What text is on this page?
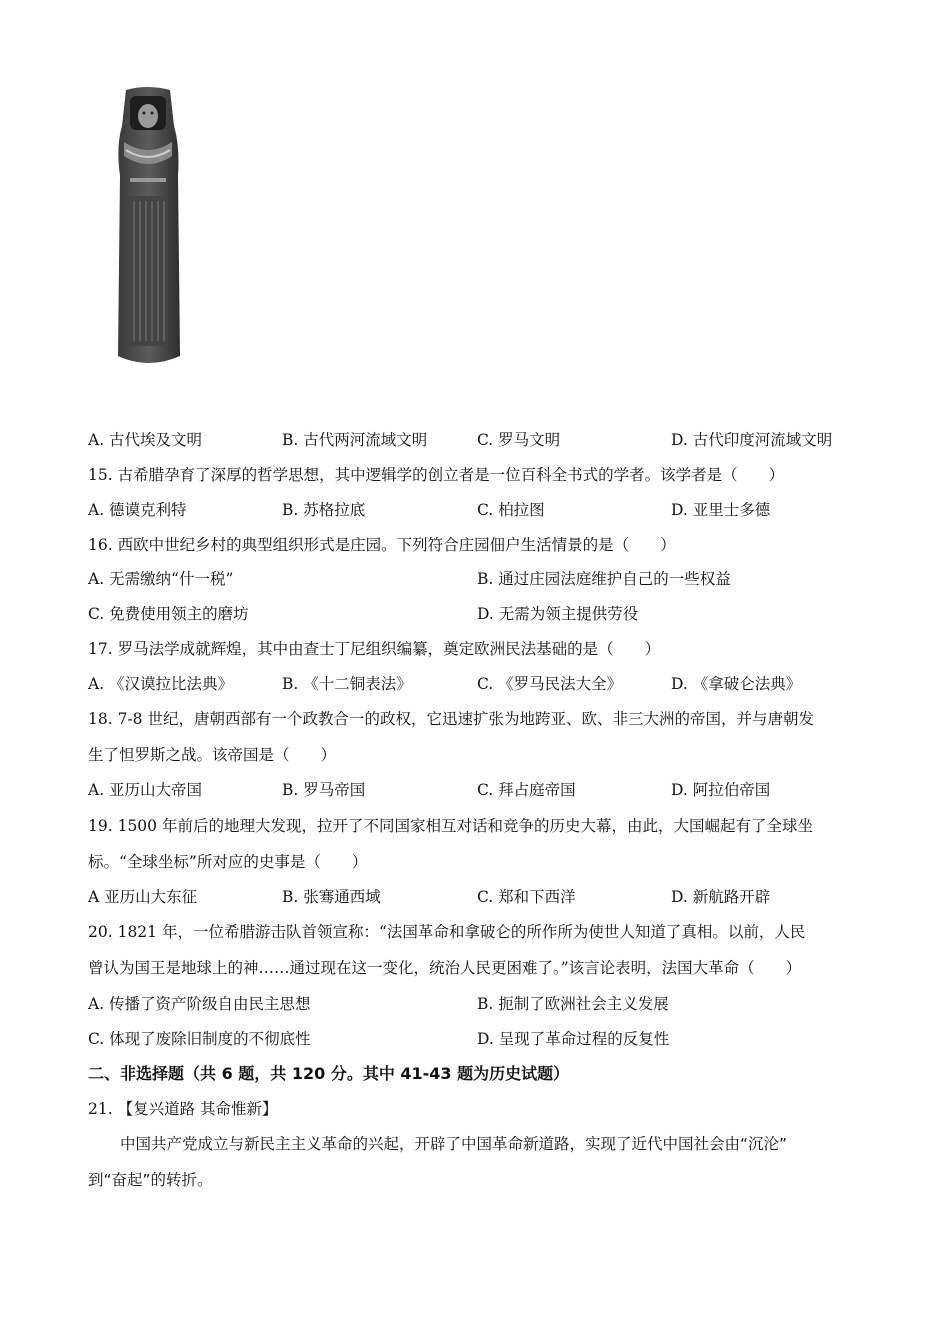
A. 古代埃及文明	B. 古代两河流域文明	C. 罗马文明	D. 古代印度河流域文明
15. 古希腊孕育了深厚的哲学思想，其中逻辑学的创立者是一位百科全书式的学者。该学者是（　　）
A. 德谟克利特	B. 苏格拉底	C. 柏拉图	D. 亚里士多德
16. 西欧中世纪乡村的典型组织形式是庄园。下列符合庄园佃户生活情景的是（　　）
A. 无需缴纳“什一税”	B. 通过庄园法庭维护自己的一些权益
C. 免费使用领主的磨坊	D. 无需为领主提供劳役
17. 罗马法学成就辉煌，其中由查士丁尼组织编纂，奠定欧洲民法基础的是（　　）
A. 《汉谟拉比法典》	B. 《十二铜表法》	C. 《罗马民法大全》	D. 《拿破仑法典》
18. 7-8 世纪，唐朝西部有一个政教合一的政权，它迅速扩张为地跨亚、欧、非三大洲的帝国，并与唐朝发
生了怛罗斯之战。该帝国是（　　）
A. 亚历山大帝国	B. 罗马帝国	C. 拜占庭帝国	D. 阿拉伯帝国
19. 1500 年前后的地理大发现，拉开了不同国家相互对话和竞争的历史大幕，由此，大国崛起有了全球坐
标。“全球坐标”所对应的史事是（　　）
A 亚历山大东征	B. 张骞通西域	C. 郑和下西洋	D. 新航路开辟
20. 1821 年，一位希腊游击队首领宣称：“法国革命和拿破仑的所作所为使世人知道了真相。以前，人民
曾认为国王是地球上的神……通过现在这一变化，统治人民更困难了。”该言论表明，法国大革命（　　）
A. 传播了资产阶级自由民主思想	B. 扼制了欧洲社会主义发展
C. 体现了废除旧制度的不彻底性	D. 呈现了革命过程的反复性
二、非选择题（共 6 题，共 120 分。其中 41-43 题为历史试题）
21. 【复兴道路 其命惟新】
中国共产党成立与新民主主义革命的兴起，开辟了中国革命新道路，实现了近代中国社会由“沉沦”
到“奋起”的转折。
